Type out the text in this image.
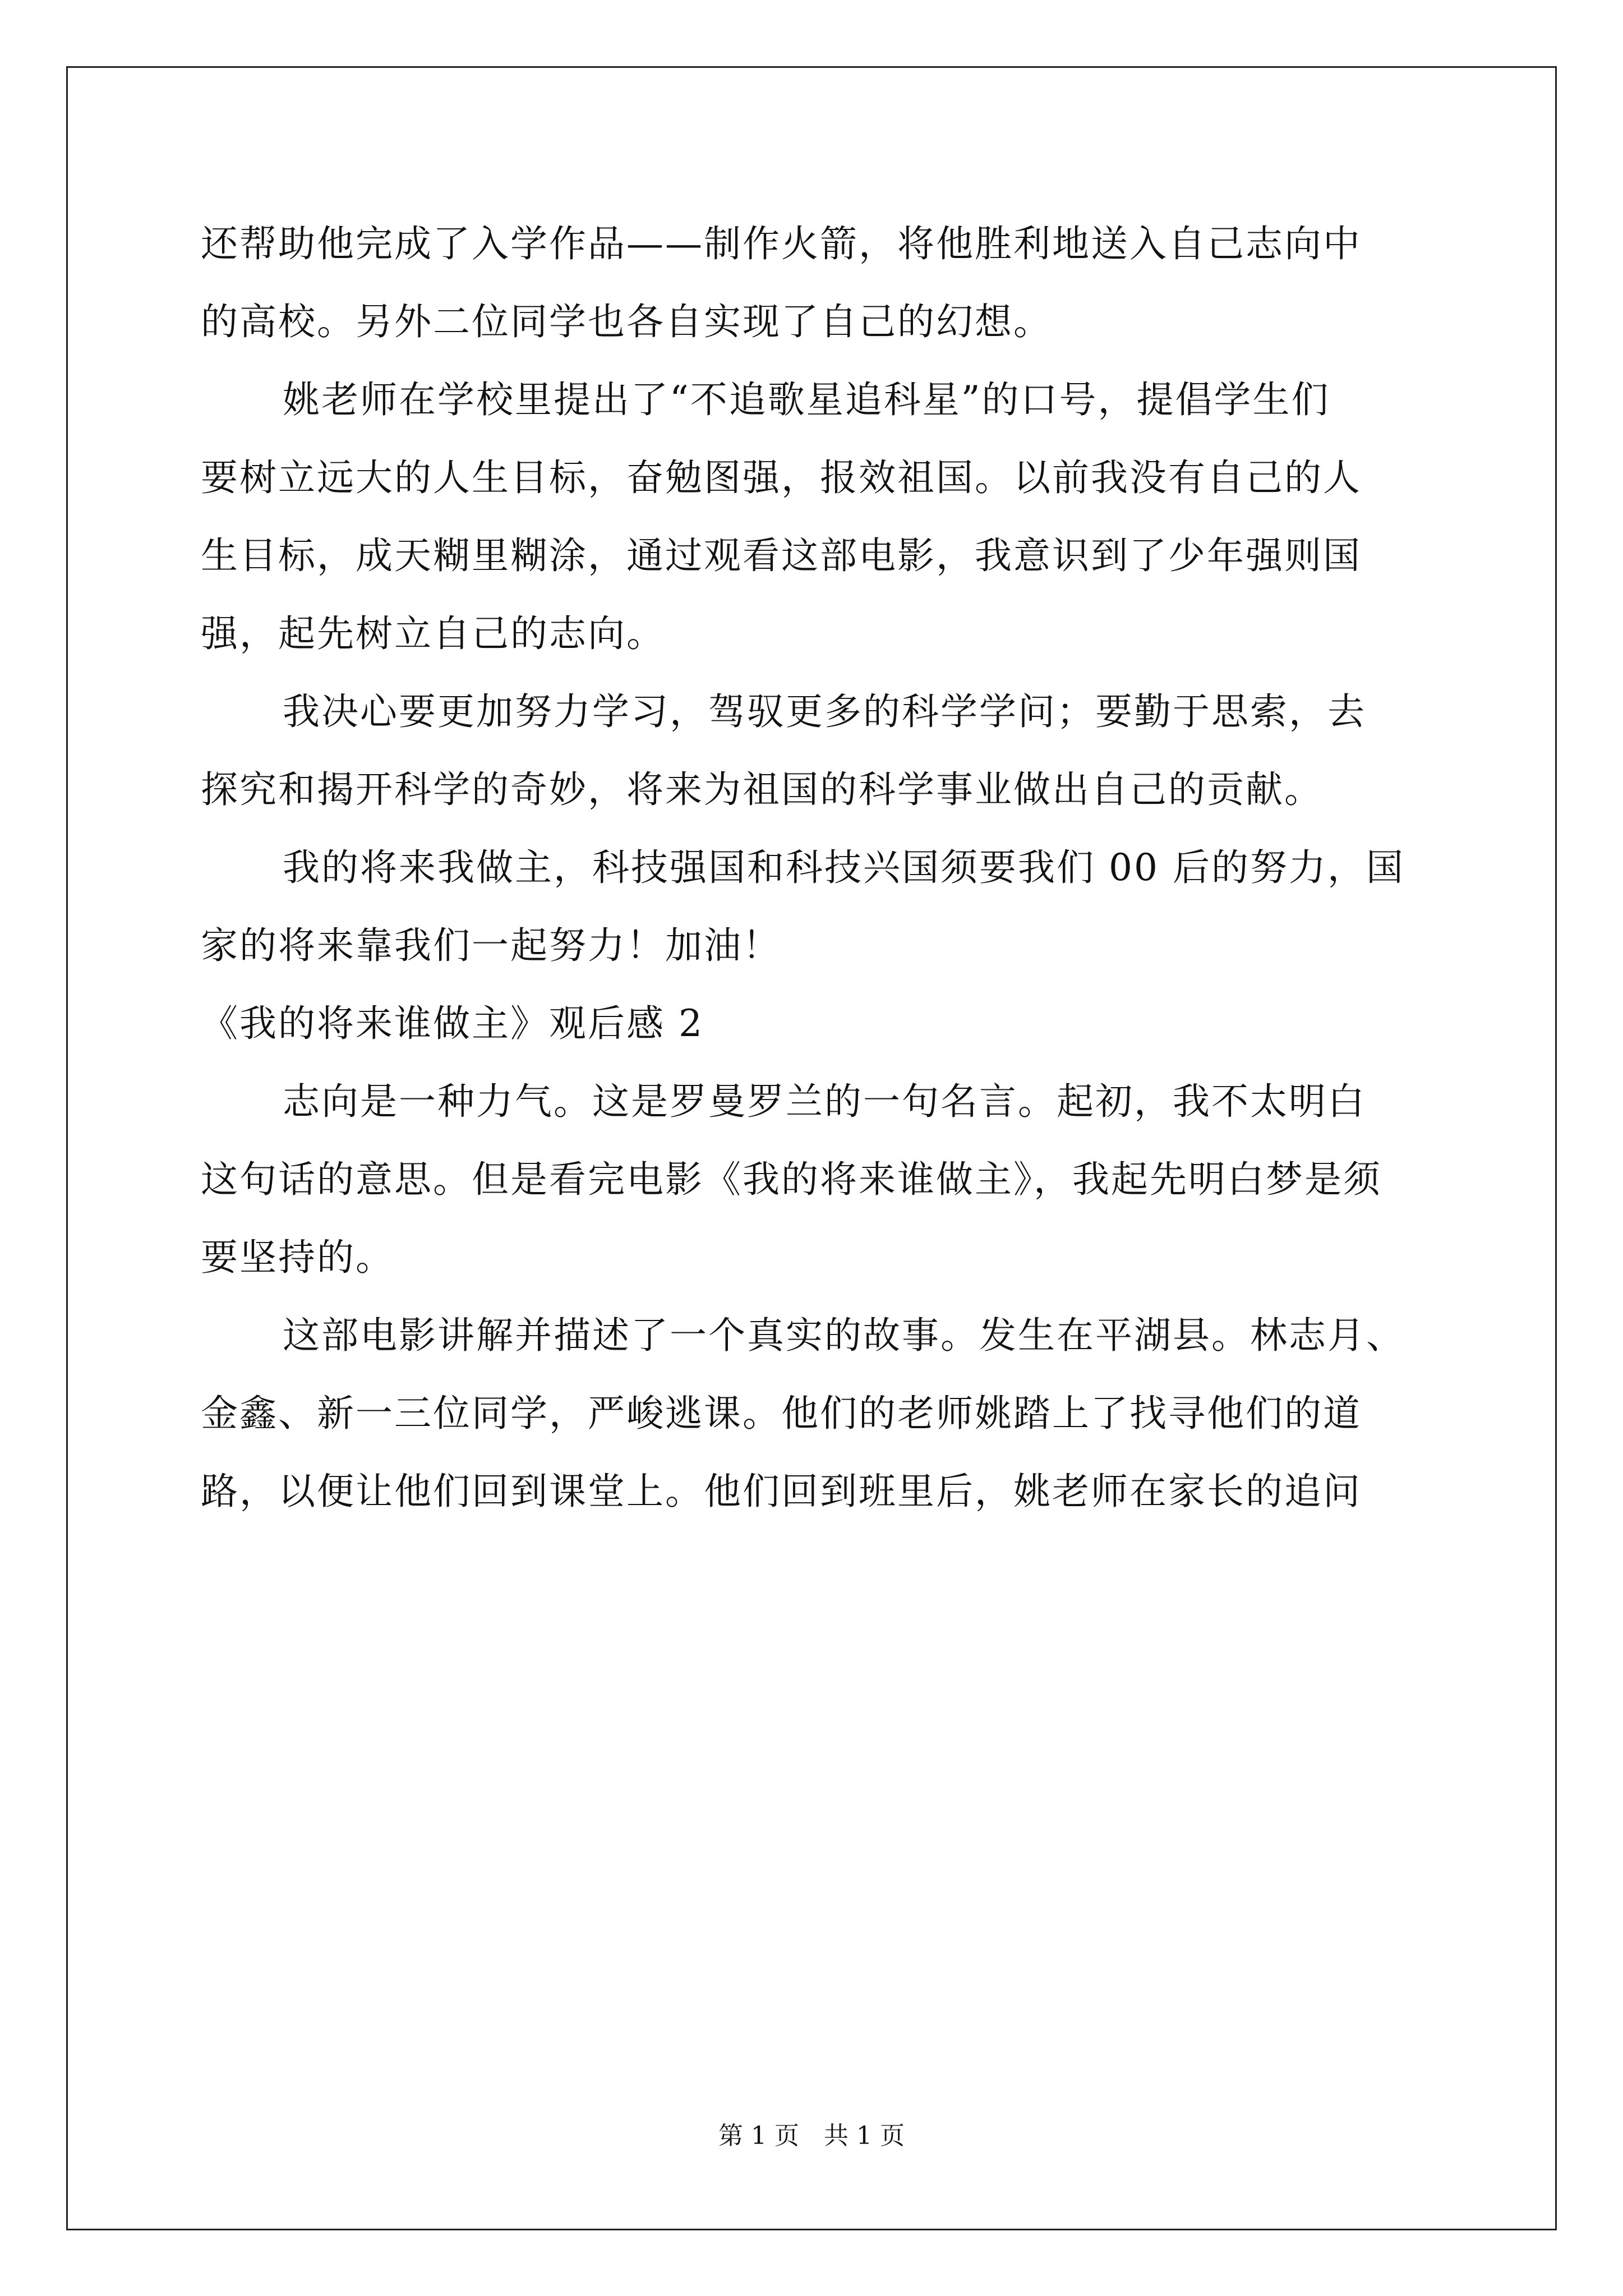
还帮助他完成了入学作品——制作火箭，将他胜利地送入自己志向中
的高校。另外二位同学也各自实现了自己的幻想。
姚老师在学校里提出了“不追歌星追科星”的口号，提倡学生们
要树立远大的人生目标，奋勉图强，报效祖国。以前我没有自己的人
生目标，成天糊里糊涂，通过观看这部电影，我意识到了少年强则国
强，起先树立自己的志向。
我决心要更加努力学习，驾驭更多的科学学问；要勤于思索，去
探究和揭开科学的奇妙，将来为祖国的科学事业做出自己的贡献。
我的将来我做主，科技强国和科技兴国须要我们 00 后的努力，国
家的将来靠我们一起努力！加油！
《我的将来谁做主》观后感 2
志向是一种力气。这是罗曼罗兰的一句名言。起初，我不太明白
这句话的意思。但是看完电影《我的将来谁做主》，我起先明白梦是须
要坚持的。
这部电影讲解并描述了一个真实的故事。发生在平湖县。林志月、
金鑫、新一三位同学，严峻逃课。他们的老师姚踏上了找寻他们的道
路，以便让他们回到课堂上。他们回到班里后，姚老师在家长的追问
第 1 页　共 1 页
